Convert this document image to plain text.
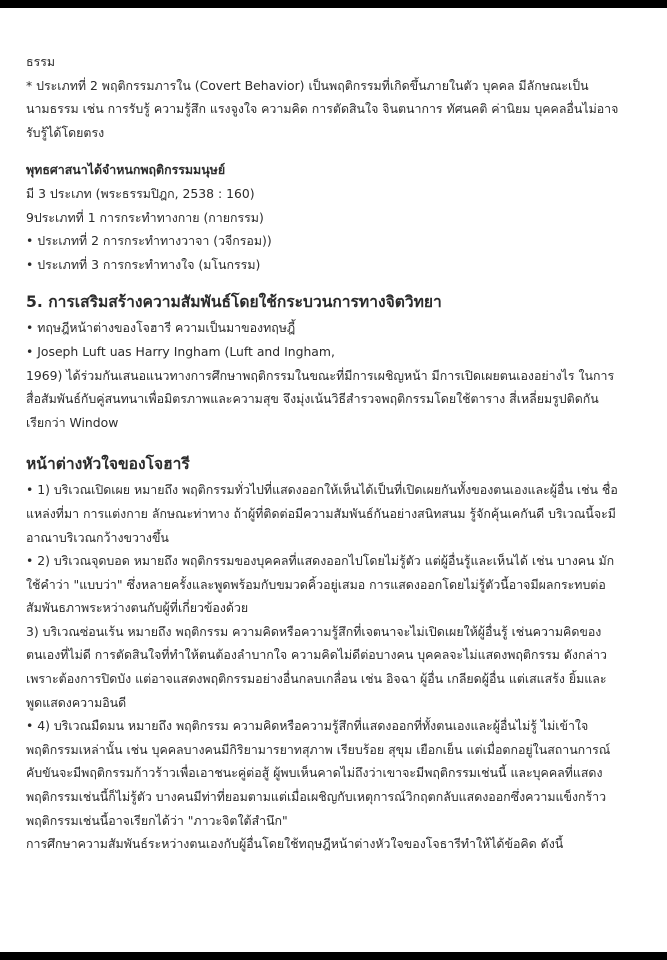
ธรรม
* ประเภทที่ 2 พฤติกรรมภารใน (Covert Behavior) เป็นพฤติกรรมที่เกิดขึ้นภายในตัว บุคคล มีลักษณะเป็น
นามธรรม เช่น การรับรู้ ความรู้สึก แรงจูงใจ ความคิด การตัดสินใจ จินตนาการ ทัศนคติ ค่านิยม บุคคลอื่นไม่อาจ
รับรู้ได้โดยตรง
พุทธศาสนาได้จำหนกพฤติกรรมมนุษย์
มี 3 ประเภท (พระธรรมปิฎก, 2538 : 160)
9ประเภทที่ 1 การกระทำทางกาย (กายกรรม)
• ประเภทที่ 2 การกระทำทางวาจา (วจีกรอม))
• ประเภทที่ 3 การกระทำทางใจ (มโนกรรม)
5. การเสริมสร้างความสัมพันธ์โดยใช้กระบวนการทางจิตวิทยา
• ทฤษฎีหน้าต่างของโจฮารี ความเป็นมาของทฤษฎี้
• Joseph Luft uas Harry Ingham (Luft and Ingham,
1969) ได้ร่วมกันเสนอแนวทางการศึกษาพฤติกรรมในขณะที่มีการเผชิญหน้า มีการเปิดเผยตนเองอย่างไร ในการ
สื่อสัมพันธ์กับคู่สนทนาเพื่อมิตรภาพและความสุข จึงมุ่งเน้นวิธีสำรวจพฤติกรรมโดยใช้ตาราง สี่เหลี่ยมรูปติดกัน
เรียกว่า Window
หน้าต่างหัวใจของโจฮารี
• 1) บริเวณเปิดเผย หมายถึง พฤติกรรมทั่วไปที่แสดงออกให้เห็นได้เป็นที่เปิดเผยกันทั้งของตนเองและผู้อื่น เช่น ชื่อ
แหล่งที่มา การแต่งกาย ลักษณะท่าทาง ถ้าผู้ที่ติดต่อมีความสัมพันธ์กันอย่างสนิทสนม รู้จักคุ้นเคกันดี บริเวณนี้จะมี
อาณาบริเวณกว้างขวางขึ้น
• 2) บริเวณจุดบอด หมายถึง พฤติกรรมของบุคคลที่แสดงออกไปโดยไม่รู้ตัว แต่ผู้อื่นรู้และเห็นได้ เช่น บางคน มัก
ใช้คำว่า "แบบว่า" ซึ่งหลายครั้งและพูดพร้อมกับขมวดคิ้วอยู่เสมอ การแสดงออกโดยไม่รู้ตัวนี้อาจมีผลกระทบต่อ
สัมพันธภาพระหว่างตนกับผู้ที่เกี่ยวข้องด้วย
3) บริเวณซ่อนเร้น หมายถึง พฤติกรรม ความคิดหรือความรู้สึกที่เจตนาจะไม่เปิดเผยให้ผู้อื่นรู้ เช่นความคิดของ
ตนเองที่ไม่ดี การตัดสินใจที่ทำให้ตนต้องลำบากใจ ความคิดไม่ดีต่อบางคน บุคคลจะไม่แสดงพฤติกรรม ดังกล่าว
เพราะต้องการปิดบัง แต่อาจแสดงพฤติกรรมอย่างอื่นกลบเกลื่อน เช่น อิจฉา ผู้อื่น เกลียดผู้อื่น แต่เสแสร้ง ยิ้มและ
พูดแสดงความอินดี
• 4) บริเวณมืดมน หมายถึง พฤติกรรม ความคิดหรือความรู้สึกที่แสดงออกที่ทั้งตนเองและผู้อื่นไม่รู้ ไม่เข้าใจ
พฤติกรรมเหล่านั้น เช่น บุคคลบางคนมีกิริยามารยาทสุภาพ เรียบร้อย สุขุม เยือกเย็น แต่เมื่อตกอยู่ในสถานการณ์
คับขันจะมีพฤติกรรมก้าวร้าวเพื่อเอาชนะคู่ต่อสู้ ผู้พบเห็นคาดไม่ถึงว่าเขาจะมีพฤติกรรมเช่นนี้ และบุคคลที่แสดง
พฤติกรรมเช่นนี้ก็ไม่รู้ตัว บางคนมีท่าที่ยอมตามแต่เมื่อเผชิญกับเหตุการณ์วิกฤตกลับแสดงออกซึ่งความแข็งกร้าว
พฤติกรรมเช่นนี้อาจเรียกได้ว่า "ภาวะจิตใต้สำนึก"
การศึกษาความสัมพันธ์ระหว่างตนเองกับผู้อื่นโดยใช้ทฤษฎีหน้าต่างหัวใจของโจธารีทำให้ได้ข้อคิด ดังนี้
